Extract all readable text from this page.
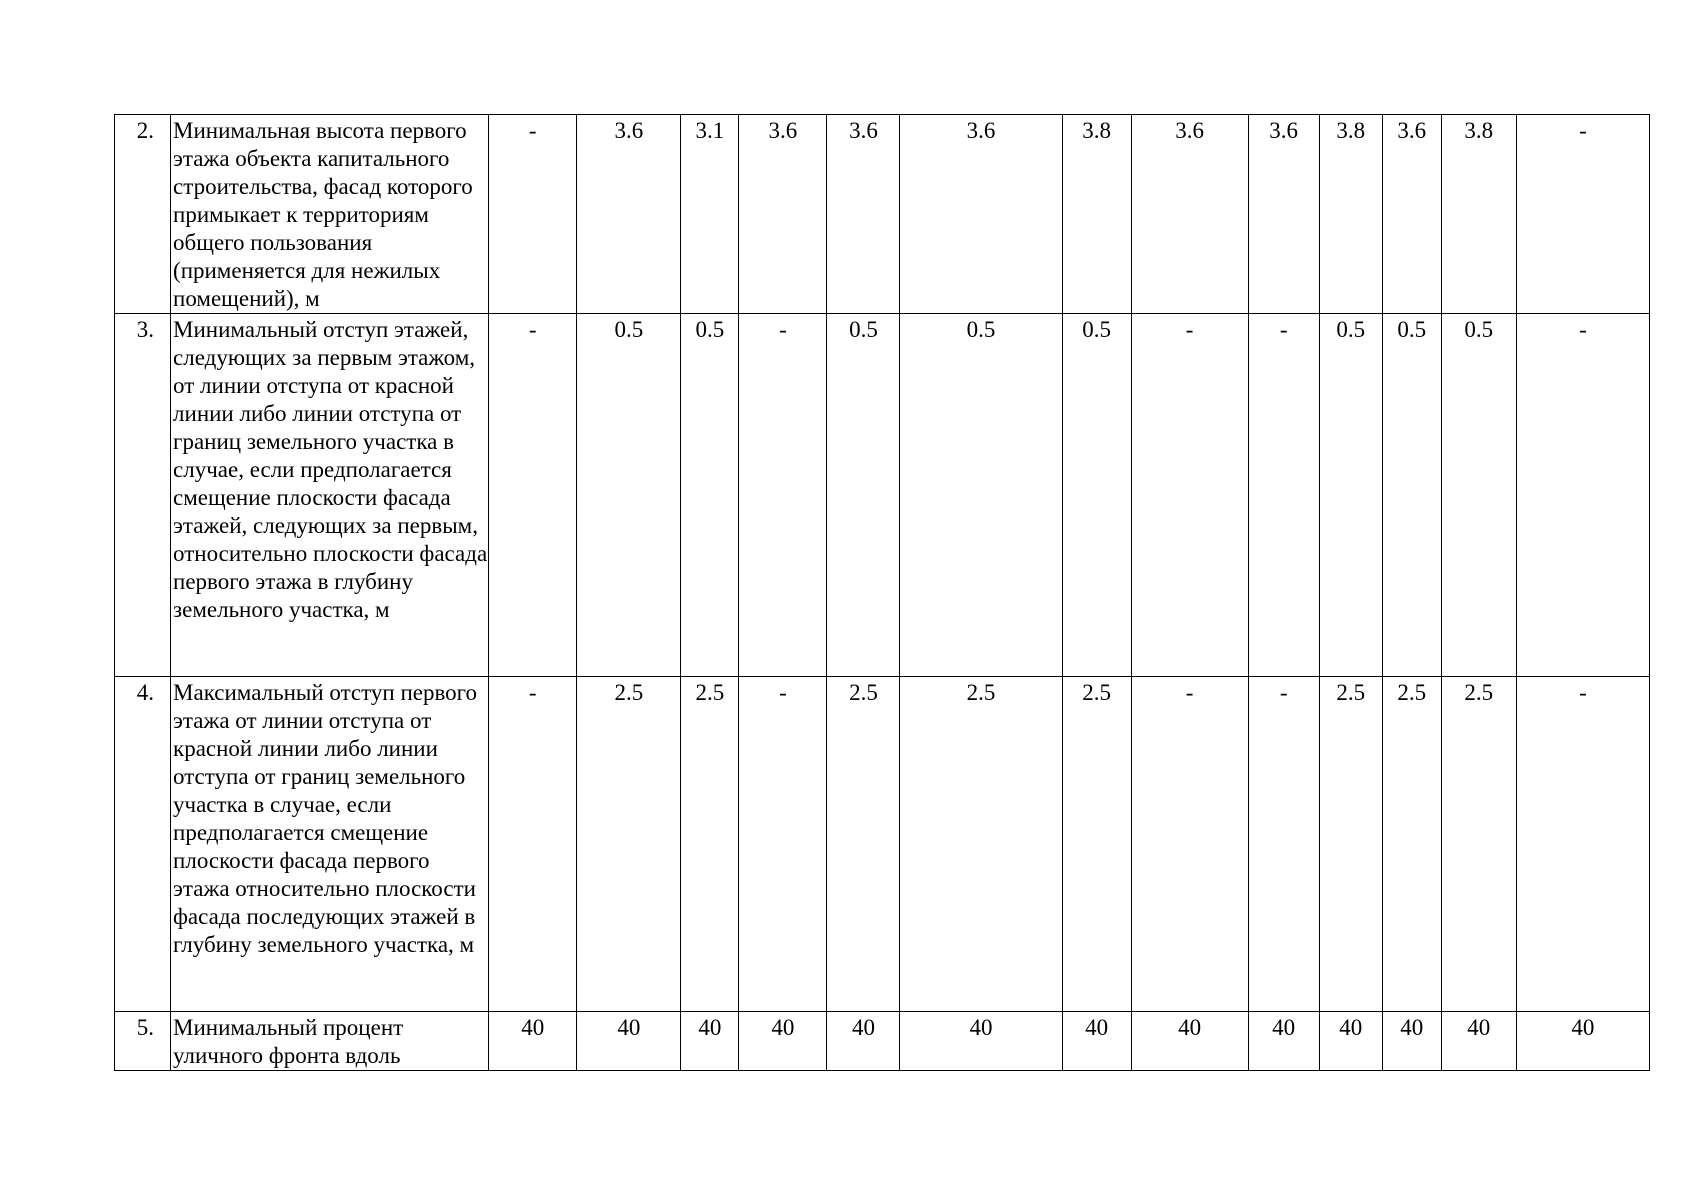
2.	Минимальная высота первого этажа объекта капитального строительства, фасад которого примыкает к территориям общего пользования (применяется для нежилых помещений), м	-	3.6	3.1	3.6	3.6	3.6	3.8	3.6	3.6	3.8	3.6	3.8	-
3.	Минимальный отступ этажей, следующих за первым этажом, от линии отступа от красной линии либо линии отступа от границ земельного участка в случае, если предполагается смещение плоскости фасада этажей, следующих за первым, относительно плоскости фасада первого этажа в глубину земельного участка, м	-	0.5	0.5	-	0.5	0.5	0.5	-	-	0.5	0.5	0.5	-
4.	Максимальный отступ первого этажа от линии отступа от красной линии либо линии отступа от границ земельного участка в случае, если предполагается смещение плоскости фасада первого этажа относительно плоскости фасада последующих этажей в глубину земельного участка, м	-	2.5	2.5	-	2.5	2.5	2.5	-	-	2.5	2.5	2.5	-
5.	Минимальный процент уличного фронта вдоль	40	40	40	40	40	40	40	40	40	40	40	40	40
